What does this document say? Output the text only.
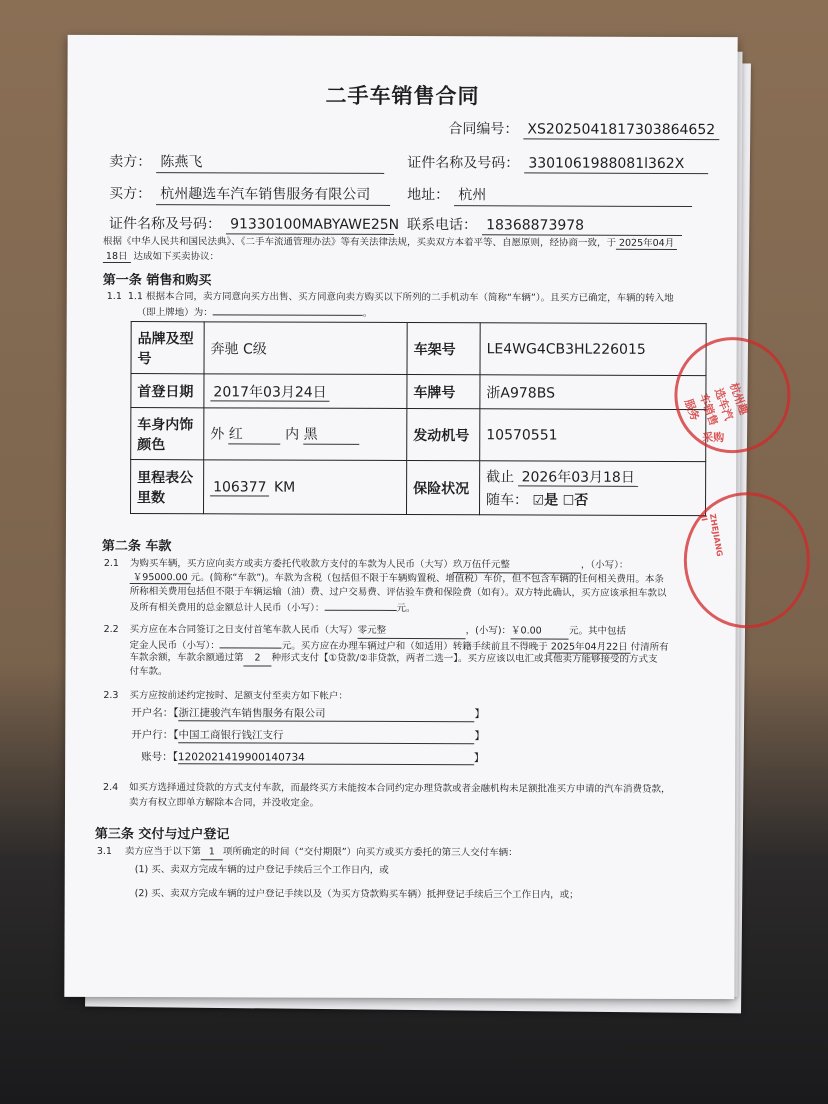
二手车销售合同
合同编号： XS2025041817303864652
卖方： 陈燕飞	证件名称及号码： 3301061988081l362X
买方： 杭州趣选车汽车销售服务有限公司	地址： 杭州
证件名称及号码： 91330100MABYAWE25N 联系电话： 18368873978
根据《中华人民共和国民法典》、《二手车流通管理办法》等有关法律法规，买卖双方本着平等、自愿原则，经协商一致，于 2025年04月
18日 达成如下买卖协议：
第一条 销售和购买
1.1 1.1 根据本合同，卖方同意向买方出售、买方同意向卖方购买以下所列的二手机动车（简称“车辆”）。且买方已确定，车辆的转入地
（即上牌地）为：	。
品牌及型号	奔驰 C级	车架号	LE4WG4CB3HL226015
首登日期	2017年03月24日	车牌号	浙A978BS
车身内饰颜色	外 红 内 黑	发动机号	10570551
里程表公里数	106377 KM	保险状况	截止 2026年03月18日
随车： ☑是 ☐否
第二条 车款
2.1 为购买车辆，买方应向卖方或卖方委托代收款方支付的车款为人民币（大写）玖万伍仟元整	，（小写）：
￥95000.00 元。(简称“车款”)。车款为含税（包括但不限于车辆购置税、增值税）车价，但不包含车辆的任何相关费用。本条
所称相关费用包括但不限于车辆运输（油）费、过户交易费、评估验车费和保险费（如有）。双方特此确认，买方应该承担车款以
及所有相关费用的总金额总计人民币（小写）：	元。
2.2 买方应在本合同签订之日支付首笔车款人民币（大写）零元整	，(小写)：￥0.00	元。其中包括
定金人民币（小写）：	元。买方应在办理车辆过户和（如适用）转籍手续前且不得晚于 2025年04月22日 付清所有
车款余额，车款余额通过第 2 种形式支付【①贷款/②非贷款，两者二选一】。买方应该以电汇或其他卖方能够接受的方式支
付车款。
2.3 买方应按前述约定按时、足额支付至卖方如下帐户：
开户名：【浙江捷骏汽车销售服务有限公司	】
开户行：【中国工商银行钱江支行	】
账号：【1202021419900140734	】
2.4 如买方选择通过贷款的方式支付车款，而最终买方未能按本合同约定办理贷款或者金融机构未足额批准买方申请的汽车消费贷款，
卖方有权立即单方解除本合同，并没收定金。
第三条 交付与过户登记
3.1 卖方应当于以下第 1 项所确定的时间（“交付期限”）向买方或买方委托的第三人交付车辆：
(1) 买、卖双方完成车辆的过户登记手续后三个工作日内，或
(2) 买、卖双方完成车辆的过户登记手续以及（为买方贷款购买车辆）抵押登记手续后三个工作日内，或；
杭州趣选车汽车销售服务
采购
ZHEJIANG JI
